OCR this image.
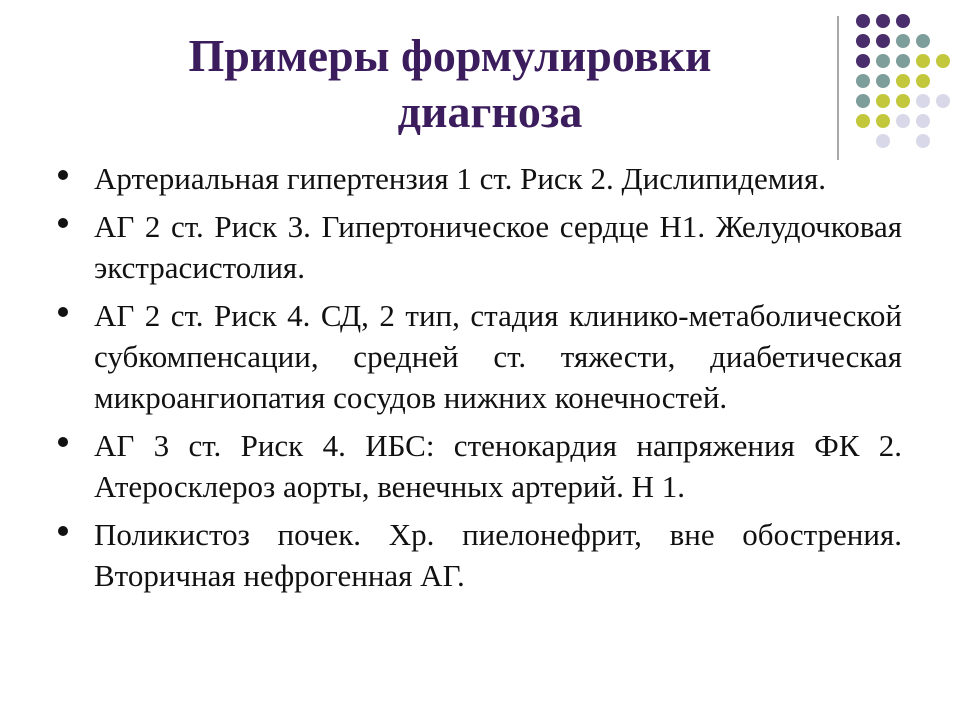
Примеры формулировки
диагноза
Артериальная гипертензия 1 ст. Риск 2. Дислипидемия.
АГ 2 ст. Риск 3. Гипертоническое сердце Н1. Желудочковая экстрасистолия.
АГ 2 ст. Риск 4. СД, 2 тип, стадия клинико-метаболической субкомпенсации, средней ст. тяжести, диабетическая микроангиопатия сосудов нижних конечностей.
АГ 3 ст. Риск 4. ИБС: стенокардия напряжения ФК 2. Атеросклероз аорты, венечных артерий. Н 1.
Поликистоз почек. Хр. пиелонефрит, вне обострения. Вторичная нефрогенная АГ.
